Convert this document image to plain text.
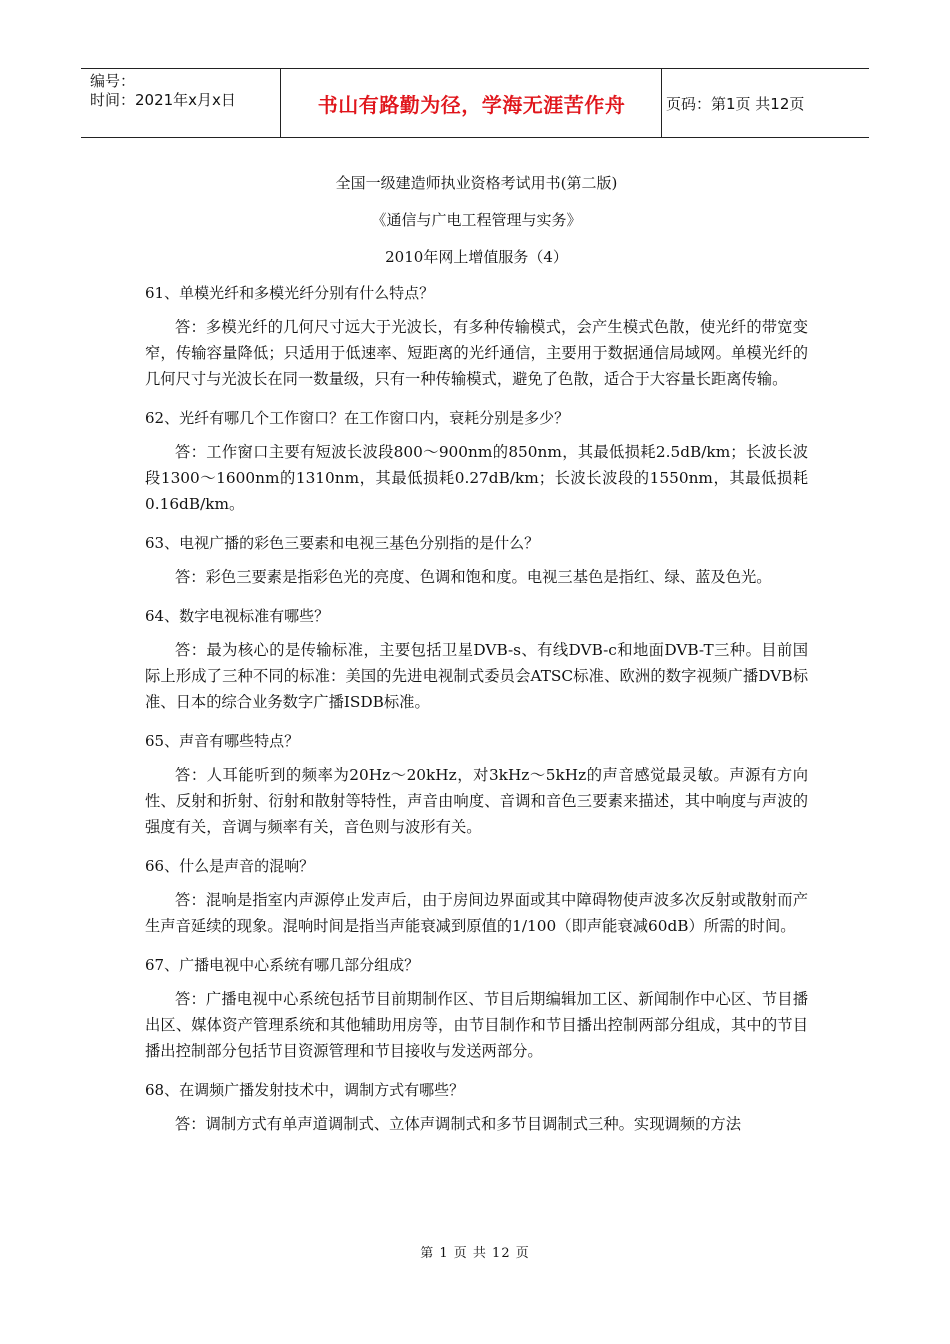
编号：
时间：2021年x月x日	书山有路勤为径，学海无涯苦作舟	页码：第1页 共12页

全国一级建造师执业资格考试用书(第二版)

《通信与广电工程管理与实务》

2010年网上增值服务（4）

61、单模光纤和多模光纤分别有什么特点？

答：多模光纤的几何尺寸远大于光波长，有多种传输模式，会产生模式色散，使光纤的带宽变窄，传输容量降低；只适用于低速率、短距离的光纤通信，主要用于数据通信局域网。单模光纤的几何尺寸与光波长在同一数量级，只有一种传输模式，避免了色散，适合于大容量长距离传输。

62、光纤有哪几个工作窗口？在工作窗口内，衰耗分别是多少？

答：工作窗口主要有短波长波段800～900nm的850nm，其最低损耗2.5dB/km；长波长波段1300～1600nm的1310nm，其最低损耗0.27dB/km；长波长波段的1550nm，其最低损耗0.16dB/km。

63、电视广播的彩色三要素和电视三基色分别指的是什么？

答：彩色三要素是指彩色光的亮度、色调和饱和度。电视三基色是指红、绿、蓝及色光。

64、数字电视标准有哪些？

答：最为核心的是传输标准，主要包括卫星DVB-s、有线DVB-c和地面DVB-T三种。目前国际上形成了三种不同的标准：美国的先进电视制式委员会ATSC标准、欧洲的数字视频广播DVB标准、日本的综合业务数字广播ISDB标准。

65、声音有哪些特点？

答：人耳能听到的频率为20Hz～20kHz，对3kHz～5kHz的声音感觉最灵敏。声源有方向性、反射和折射、衍射和散射等特性，声音由响度、音调和音色三要素来描述，其中响度与声波的强度有关，音调与频率有关，音色则与波形有关。

66、什么是声音的混响？

答：混响是指室内声源停止发声后，由于房间边界面或其中障碍物使声波多次反射或散射而产生声音延续的现象。混响时间是指当声能衰减到原值的1/100（即声能衰减60dB）所需的时间。

67、广播电视中心系统有哪几部分组成？

答：广播电视中心系统包括节目前期制作区、节目后期编辑加工区、新闻制作中心区、节目播出区、媒体资产管理系统和其他辅助用房等，由节目制作和节目播出控制两部分组成，其中的节目播出控制部分包括节目资源管理和节目接收与发送两部分。

68、在调频广播发射技术中，调制方式有哪些？

答：调制方式有单声道调制式、立体声调制式和多节目调制式三种。实现调频的方法

第 1 页 共 12 页
